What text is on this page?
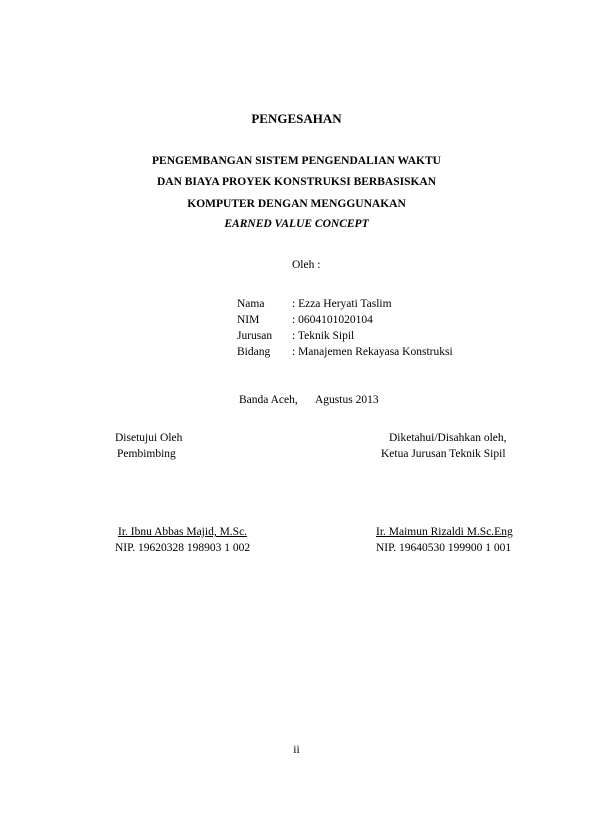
PENGESAHAN
PENGEMBANGAN SISTEM PENGENDALIAN WAKTU
DAN BIAYA PROYEK KONSTRUKSI BERBASISKAN
KOMPUTER DENGAN MENGGUNAKAN
EARNED VALUE CONCEPT
Oleh :
Nama : Ezza Heryati Taslim
NIM	: 0604101020104
Jurusan : Teknik Sipil
Bidang : Manajemen Rekayasa Konstruksi
Banda Aceh, Agustus 2013
Disetujui Oleh
Pembimbing
Ir. Ibnu Abbas Majid, M.Sc.
NIP. 19620328 198903 1 002
Diketahui/Disahkan oleh,
Ketua Jurusan Teknik Sipil
Ir. Maimun Rizaldi M.Sc.Eng
NIP. 19640530 199900 1 001
ii
